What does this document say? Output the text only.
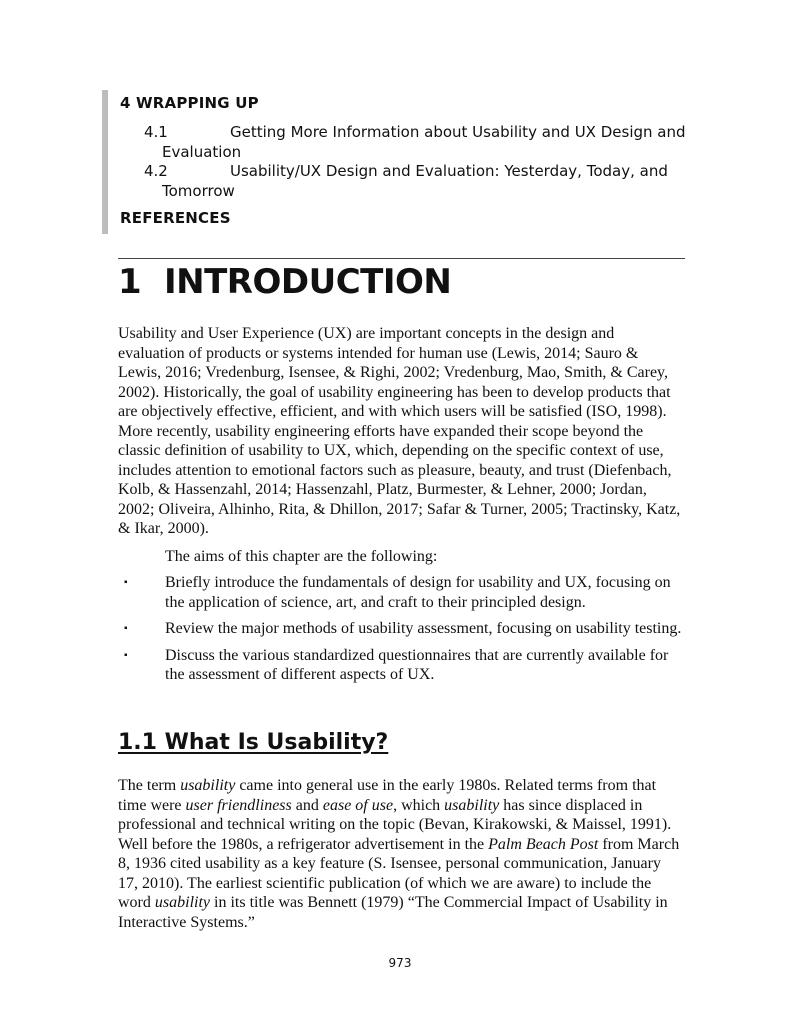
4 WRAPPING UP
4.1	Getting More Information about Usability and UX Design and
Evaluation
4.2	Usability/UX Design and Evaluation: Yesterday, Today, and
Tomorrow
REFERENCES
1 INTRODUCTION
Usability and User Experience (UX) are important concepts in the design and evaluation of products or systems intended for human use (Lewis, 2014; Sauro & Lewis, 2016; Vredenburg, Isensee, & Righi, 2002; Vredenburg, Mao, Smith, & Carey, 2002). Historically, the goal of usability engineering has been to develop products that are objectively effective, efficient, and with which users will be satisfied (ISO, 1998). More recently, usability engineering efforts have expanded their scope beyond the classic definition of usability to UX, which, depending on the specific context of use, includes attention to emotional factors such as pleasure, beauty, and trust (Diefenbach, Kolb, & Hassenzahl, 2014; Hassenzahl, Platz, Burmester, & Lehner, 2000; Jordan, 2002; Oliveira, Alhinho, Rita, & Dhillon, 2017; Safar & Turner, 2005; Tractinsky, Katz, & Ikar, 2000).
The aims of this chapter are the following:
▪ Briefly introduce the fundamentals of design for usability and UX, focusing on the application of science, art, and craft to their principled design.
▪ Review the major methods of usability assessment, focusing on usability testing.
▪ Discuss the various standardized questionnaires that are currently available for the assessment of different aspects of UX.
1.1 What Is Usability?
The term usability came into general use in the early 1980s. Related terms from that time were user friendliness and ease of use, which usability has since displaced in professional and technical writing on the topic (Bevan, Kirakowski, & Maissel, 1991). Well before the 1980s, a refrigerator advertisement in the Palm Beach Post from March 8, 1936 cited usability as a key feature (S. Isensee, personal communication, January 17, 2010). The earliest scientific publication (of which we are aware) to include the word usability in its title was Bennett (1979) “The Commercial Impact of Usability in Interactive Systems.”
973
